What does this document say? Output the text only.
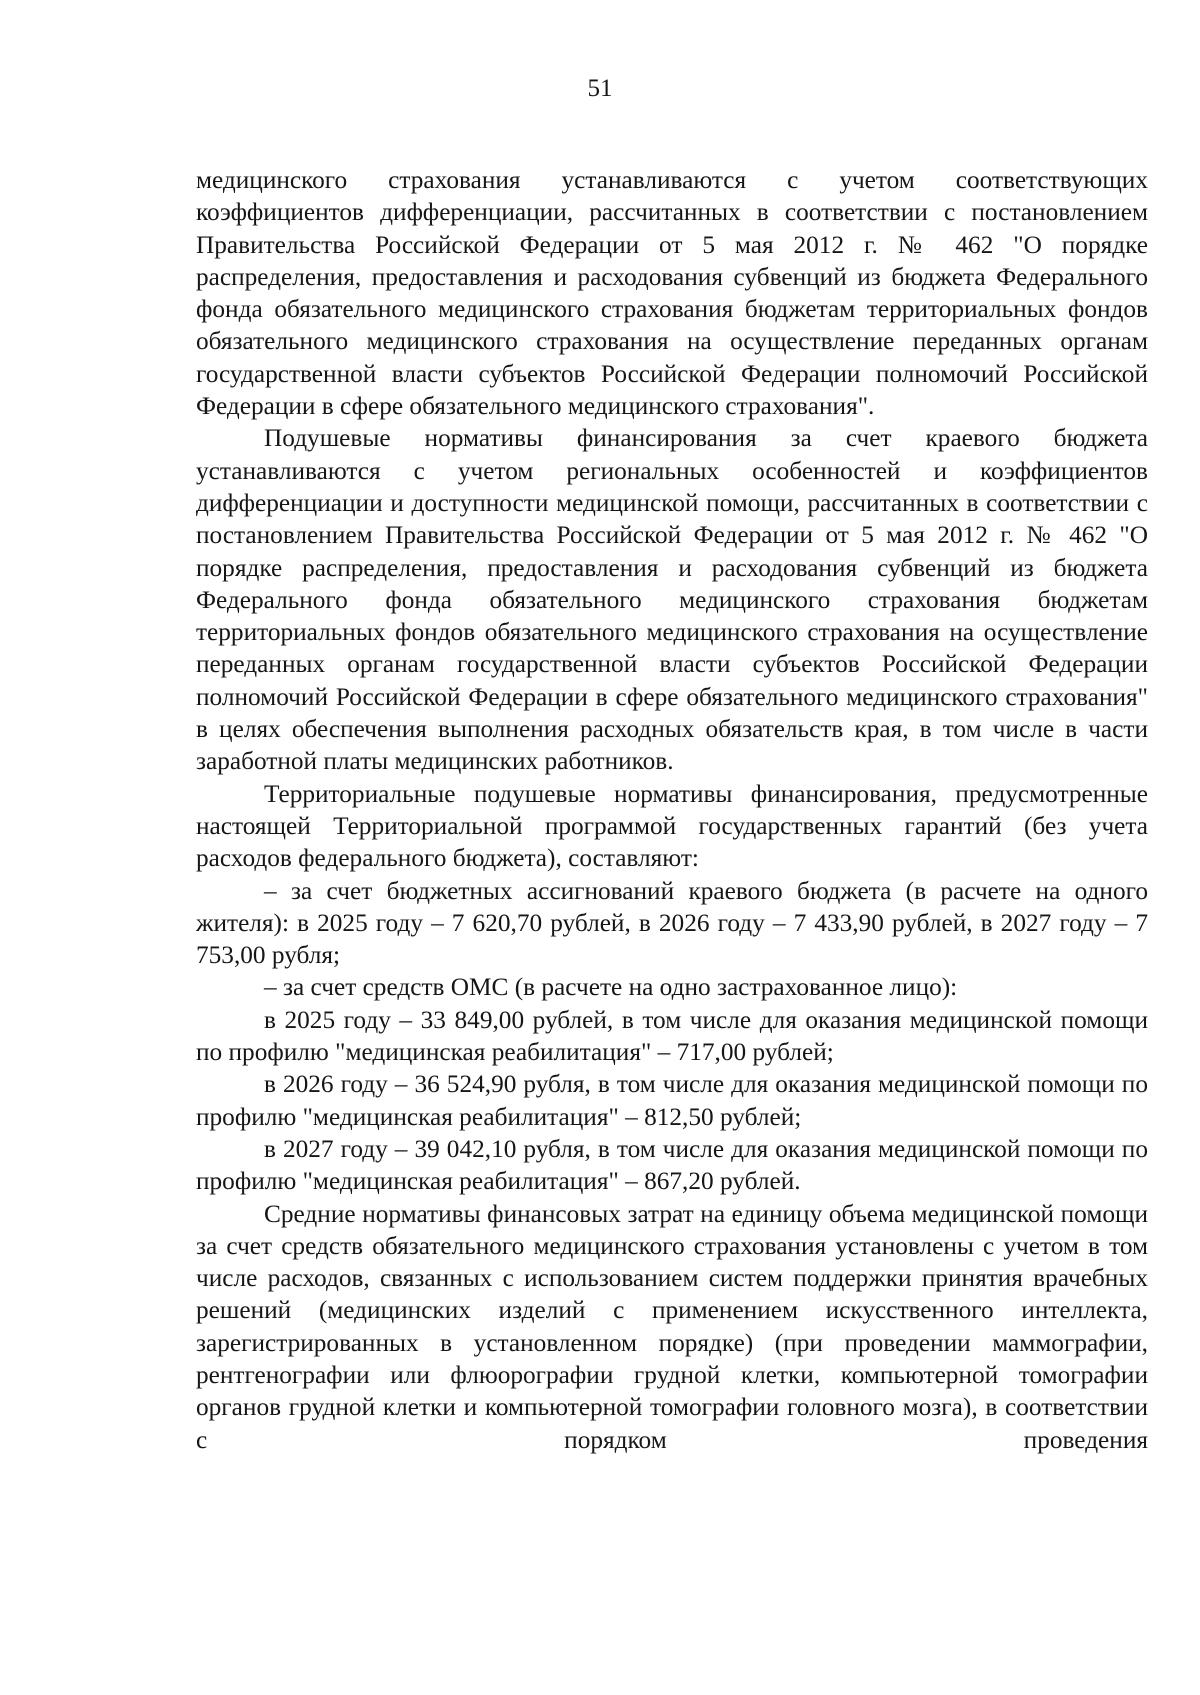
51

медицинского страхования устанавливаются с учетом соответствующих коэффициентов дифференциации, рассчитанных в соответствии с постановлением Правительства Российской Федерации от 5 мая 2012 г. № 462 "О порядке распределения, предоставления и расходования субвенций из бюджета Федерального фонда обязательного медицинского страхования бюджетам территориальных фондов обязательного медицинского страхования на осуществление переданных органам государственной власти субъектов Российской Федерации полномочий Российской Федерации в сфере обязательного медицинского страхования".

Подушевые нормативы финансирования за счет краевого бюджета устанавливаются с учетом региональных особенностей и коэффициентов дифференциации и доступности медицинской помощи, рассчитанных в соответствии с постановлением Правительства Российской Федерации от 5 мая 2012 г. № 462 "О порядке распределения, предоставления и расходования субвенций из бюджета Федерального фонда обязательного медицинского страхования бюджетам территориальных фондов обязательного медицинского страхования на осуществление переданных органам государственной власти субъектов Российской Федерации полномочий Российской Федерации в сфере обязательного медицинского страхования" в целях обеспечения выполнения расходных обязательств края, в том числе в части заработной платы медицинских работников.

Территориальные подушевые нормативы финансирования, предусмотренные настоящей Территориальной программой государственных гарантий (без учета расходов федерального бюджета), составляют:

– за счет бюджетных ассигнований краевого бюджета (в расчете на одного жителя): в 2025 году – 7 620,70 рублей, в 2026 году – 7 433,90 рублей, в 2027 году – 7 753,00 рубля;

– за счет средств ОМС (в расчете на одно застрахованное лицо):

в 2025 году – 33 849,00 рублей, в том числе для оказания медицинской помощи по профилю "медицинская реабилитация" – 717,00 рублей;

в 2026 году – 36 524,90 рубля, в том числе для оказания медицинской помощи по профилю "медицинская реабилитация" – 812,50 рублей;

в 2027 году – 39 042,10 рубля, в том числе для оказания медицинской помощи по профилю "медицинская реабилитация" – 867,20 рублей.

Средние нормативы финансовых затрат на единицу объема медицинской помощи за счет средств обязательного медицинского страхования установлены с учетом в том числе расходов, связанных с использованием систем поддержки принятия врачебных решений (медицинских изделий с применением искусственного интеллекта, зарегистрированных в установленном порядке) (при проведении маммографии, рентгенографии или флюорографии грудной клетки, компьютерной томографии органов грудной клетки и компьютерной томографии головного мозга), в соответствии с порядком проведения
